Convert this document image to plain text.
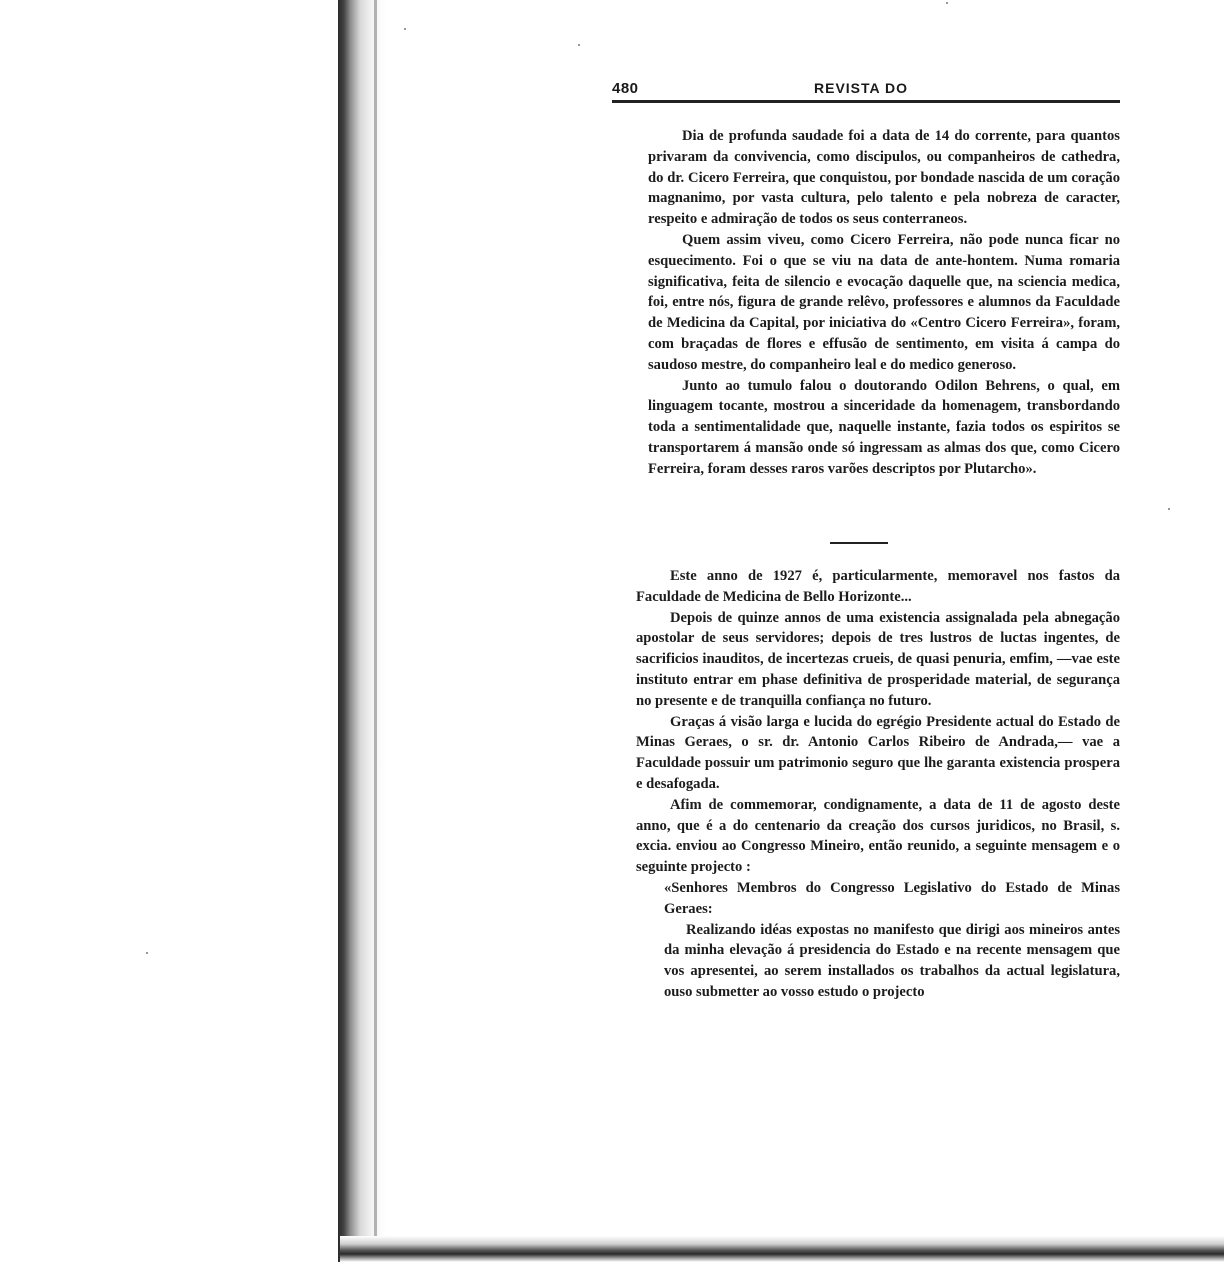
480	REVISTA DO

Dia de profunda saudade foi a data de 14 do corrente, para quantos privaram da convivencia, como discipulos, ou companheiros de cathedra, do dr. Cicero Ferreira, que conquistou, por bondade nascida de um coração magnanimo, por vasta cultura, pelo talento e pela nobreza de caracter, respeito e admiração de todos os seus conterraneos.

Quem assim viveu, como Cicero Ferreira, não pode nunca ficar no esquecimento. Foi o que se viu na data de ante-hontem. Numa romaria significativa, feita de silencio e evocação daquelle que, na sciencia medica, foi, entre nós, figura de grande relêvo, professores e alumnos da Faculdade de Medicina da Capital, por iniciativa do «Centro Cicero Ferreira», foram, com braçadas de flores e effusão de sentimento, em visita á campa do saudoso mestre, do companheiro leal e do medico generoso.

Junto ao tumulo falou o doutorando Odilon Behrens, o qual, em linguagem tocante, mostrou a sinceridade da homenagem, transbordando toda a sentimentalidade que, naquelle instante, fazia todos os espiritos se transportarem á mansão onde só ingressam as almas dos que, como Cicero Ferreira, foram desses raros varões descriptos por Plutarcho».

Este anno de 1927 é, particularmente, memoravel nos fastos da Faculdade de Medicina de Bello Horizonte...

Depois de quinze annos de uma existencia assignalada pela abnegação apostolar de seus servidores; depois de tres lustros de luctas ingentes, de sacrificios inauditos, de incertezas crueis, de quasi penuria, emfim, —vae este instituto entrar em phase definitiva de prosperidade material, de segurança no presente e de tranquilla confiança no futuro.

Graças á visão larga e lucida do egrégio Presidente actual do Estado de Minas Geraes, o sr. dr. Antonio Carlos Ribeiro de Andrada,— vae a Faculdade possuir um patrimonio seguro que lhe garanta existencia prospera e desafogada.

Afim de commemorar, condignamente, a data de 11 de agosto deste anno, que é a do centenario da creação dos cursos juridicos, no Brasil, s. excia. enviou ao Congresso Mineiro, então reunido, a seguinte mensagem e o seguinte projecto :

«Senhores Membros do Congresso Legislativo do Estado de Minas Geraes:

Realizando idéas expostas no manifesto que dirigi aos mineiros antes da minha elevação á presidencia do Estado e na recente mensagem que vos apresentei, ao serem installados os trabalhos da actual legislatura, ouso submetter ao vosso estudo o projecto
